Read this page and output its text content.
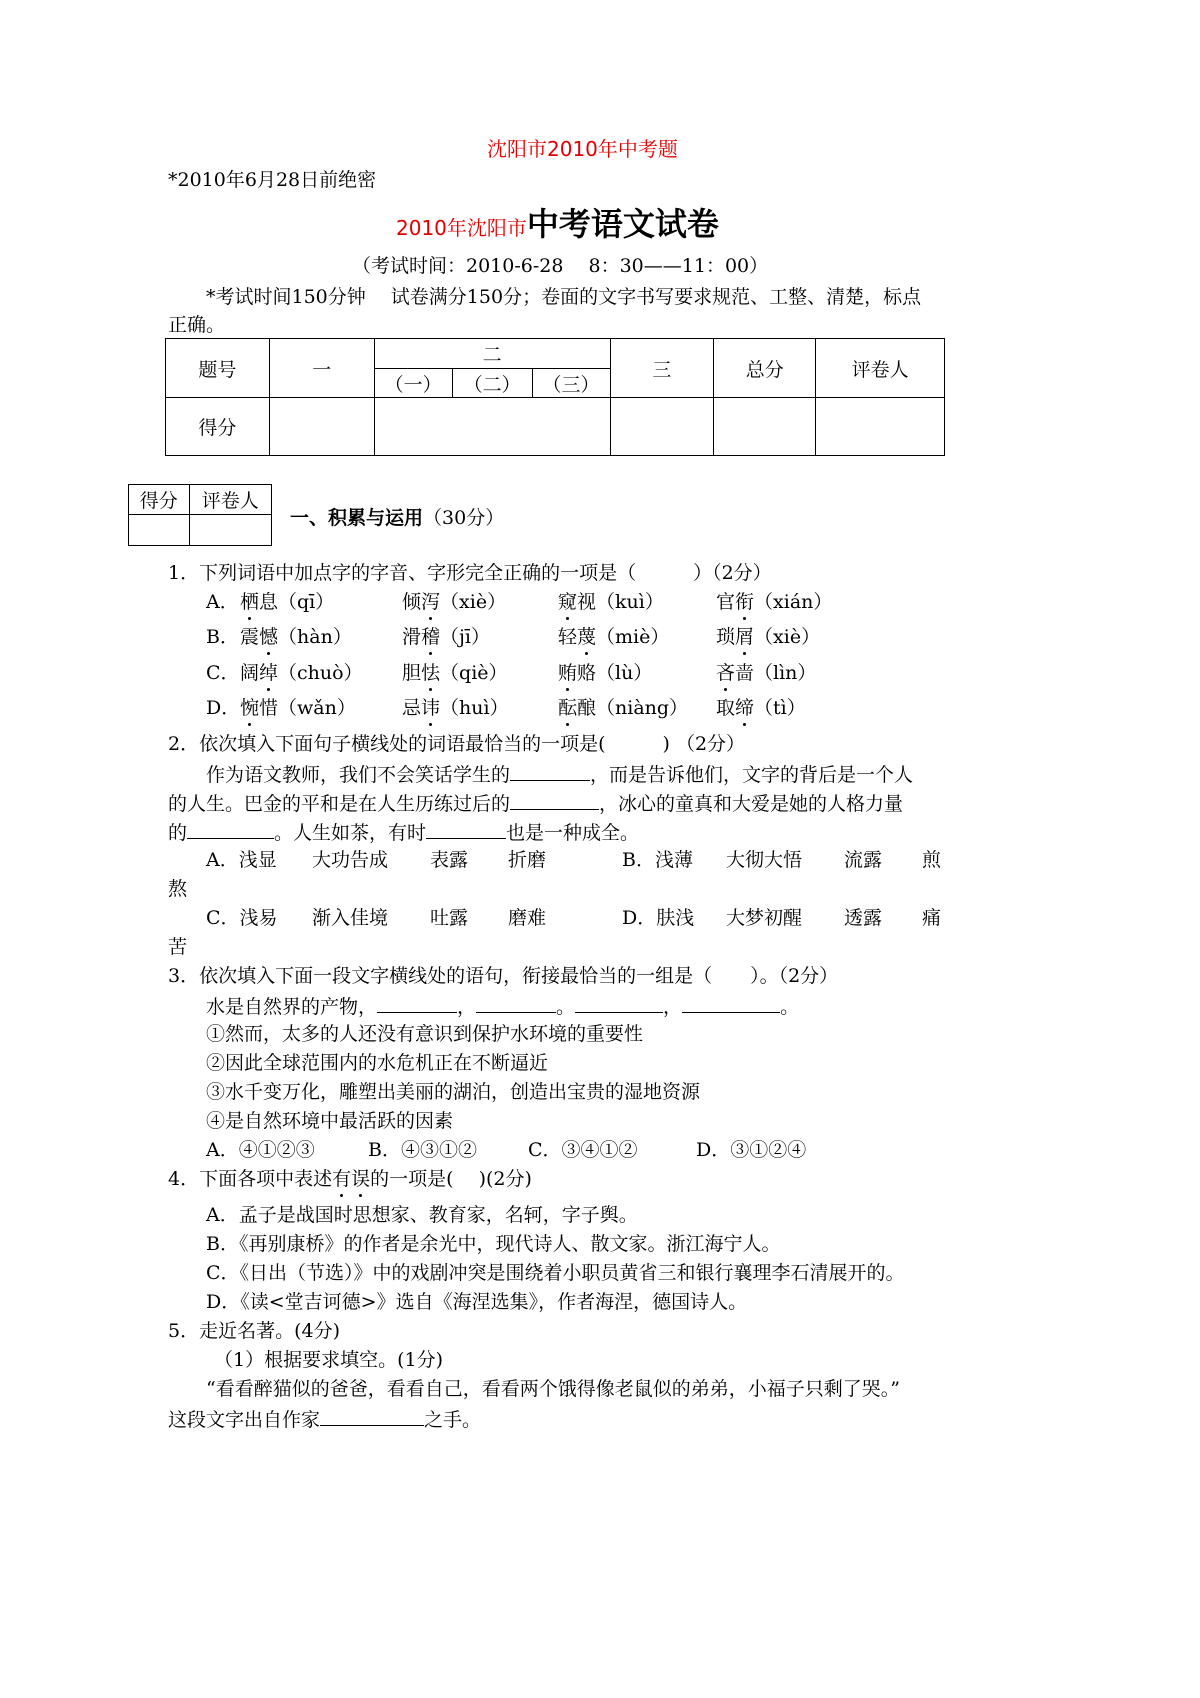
沈阳市2010年中考题
*2010年6月28日前绝密
2010年沈阳市中考语文试卷
（考试时间：2010-6-28　 8：30——11：00）
*考试时间150分钟　 试卷满分150分；卷面的文字书写要求规范、工整、清楚，标点
正确。
题号	一	二			三	总分	评卷人
		（一）	（二）	（三）			
得分							
得分	评卷人

一、积累与运用（30分）
1．下列词语中加点字的字音、字形完全正确的一项是（　　　）（2分）
A． 栖息（qī）	倾泻（xiè）	窥视（kuì）	官衔（xián）
B． 震憾（hàn）	滑稽（jī）	轻蔑（miè） 琐屑（xiè）
C． 阔绰（chuò） 胆怯（qiè）	贿赂（lù）	吝啬（lìn）
D． 惋惜（wǎn） 忌讳（huì）	酝酿（niàng） 取缔（tì）
2．依次填入下面句子横线处的词语最恰当的一项是(　　　) （2分）
作为语文教师，我们不会笑话学生的	，而是告诉他们，文字的背后是一个人
的人生。巴金的平和是在人生历练过后的	，冰心的童真和大爱是她的人格力量
的	。人生如茶，有时	也是一种成全。
A．浅显 大功告成 表露 折磨	B．浅薄 大彻大悟 流露 煎
熬
C．浅易 渐入佳境 吐露 磨难	D．肤浅 大梦初醒 透露 痛
苦
3．依次填入下面一段文字横线处的语句，衔接最恰当的一组是（　　）。（2分）
水是自然界的产物，	，	。	，	。
①然而，太多的人还没有意识到保护水环境的重要性
②因此全球范围内的水危机正在不断逼近
③水千变万化，雕塑出美丽的湖泊，创造出宝贵的湿地资源
④是自然环境中最活跃的因素
A．④①②③	B．④③①②	C．③④①②	D．③①②④
4．下面各项中表述有误的一项是(　 )(2分)
A．孟子是战国时思想家、教育家，名轲，字子舆。
B．《再别康桥》的作者是余光中，现代诗人、散文家。浙江海宁人。
C．《日出（节选）》中的戏剧冲突是围绕着小职员黄省三和银行襄理李石清展开的。
D．《读<堂吉诃德>》选自《海涅选集》，作者海涅，德国诗人。
5．走近名著。(4分)
（1）根据要求填空。(1分)
“看看醉猫似的爸爸，看看自己，看看两个饿得像老鼠似的弟弟，小福子只剩了哭。”
这段文字出自作家	之手。
